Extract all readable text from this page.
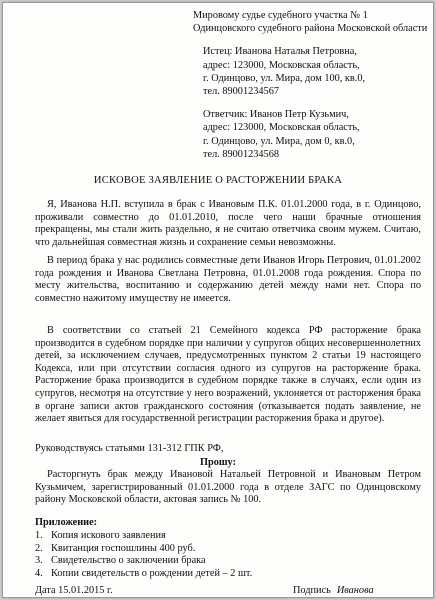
Мировому судье судебного участка № 1 Одинцовского судебного района Московской области

Истец: Иванова Наталья Петровна,

адрес: 123000, Московская область,

г. Одинцово, ул. Мира, дом 100, кв.0,

тел. 89001234567

Ответчик: Иванов Петр Кузьмич,

адрес: 123000, Московская область,

г. Одинцово, ул. Мира, дом 0, кв.0,

тел. 89001234568

ИСКОВОЕ ЗАЯВЛЕНИЕ О РАСТОРЖЕНИИ БРАКА

Я, Иванова Н.П. вступила в брак с Ивановым П.К. 01.01.2000 года, в г. Одинцово, проживали совместно до 01.01.2010, после чего наши брачные отношения прекращены, мы стали жить раздельно, я не считаю ответчика своим мужем. Считаю, что дальнейшая совместная жизнь и сохранение семьи невозможны.

В период брака у нас родились совместные дети Иванов Игорь Петрович, 01.01.2002 года рождения и Иванова Светлана Петровна, 01.01.2008 года рождения. Спора по месту жительства, воспитанию и содержанию детей между нами нет. Спора по совместно нажитому имуществу не имеется.

В соответствии со статьей 21 Семейного кодекса РФ расторжение брака производится в судебном порядке при наличии у супругов общих несовершеннолетних детей, за исключением случаев, предусмотренных пунктом 2 статьи 19 настоящего Кодекса, или при отсутствии согласия одного из супругов на расторжение брака. Расторжение брака производится в судебном порядке также в случаях, если один из супругов, несмотря на отсутствие у него возражений, уклоняется от расторжения брака в органе записи актов гражданского состояния (отказывается подать заявление, не желает явиться для государственной регистрации расторжения брака и другое).

Руководствуясь статьями 131-312 ГПК РФ,

Прошу:

Расторгнуть брак между Ивановой Натальей Петровной и Ивановым Петром Кузьмичем, зарегистрированный 01.01.2000 года в отделе ЗАГС по Одинцовскому району Московской области, актовая запись № 100.

Приложение:
1. Копия искового заявления
2. Квитанция госпошлины 400 руб.
3. Свидетельство о заключении брака
4. Копии свидетельств о рождении детей – 2 шт.
Дата 15.01.2015 г.	Подпись Иванова
